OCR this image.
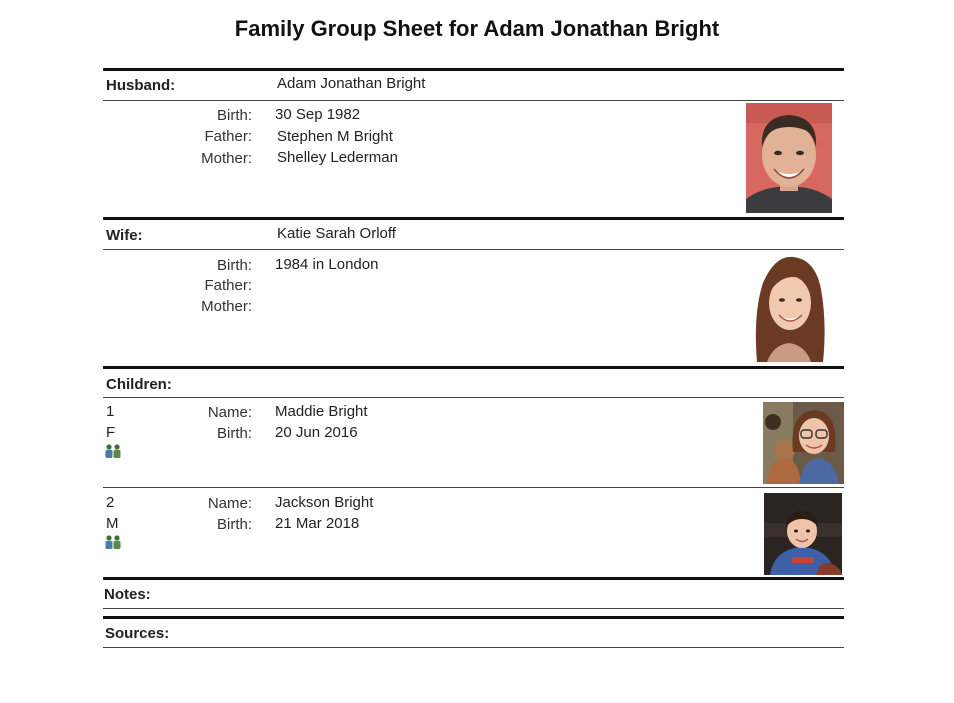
Family Group Sheet for Adam Jonathan Bright
Husband:	Adam Jonathan Bright
Birth: 30 Sep 1982
Father: Stephen M Bright
Mother: Shelley Lederman
Wife:	Katie Sarah Orloff
Birth: 1984 in London
Father:
Mother:
Children:
1
F
Name: Maddie Bright
Birth: 20 Jun 2016
2
M
Name: Jackson Bright
Birth: 21 Mar 2018
Notes:
Sources:
